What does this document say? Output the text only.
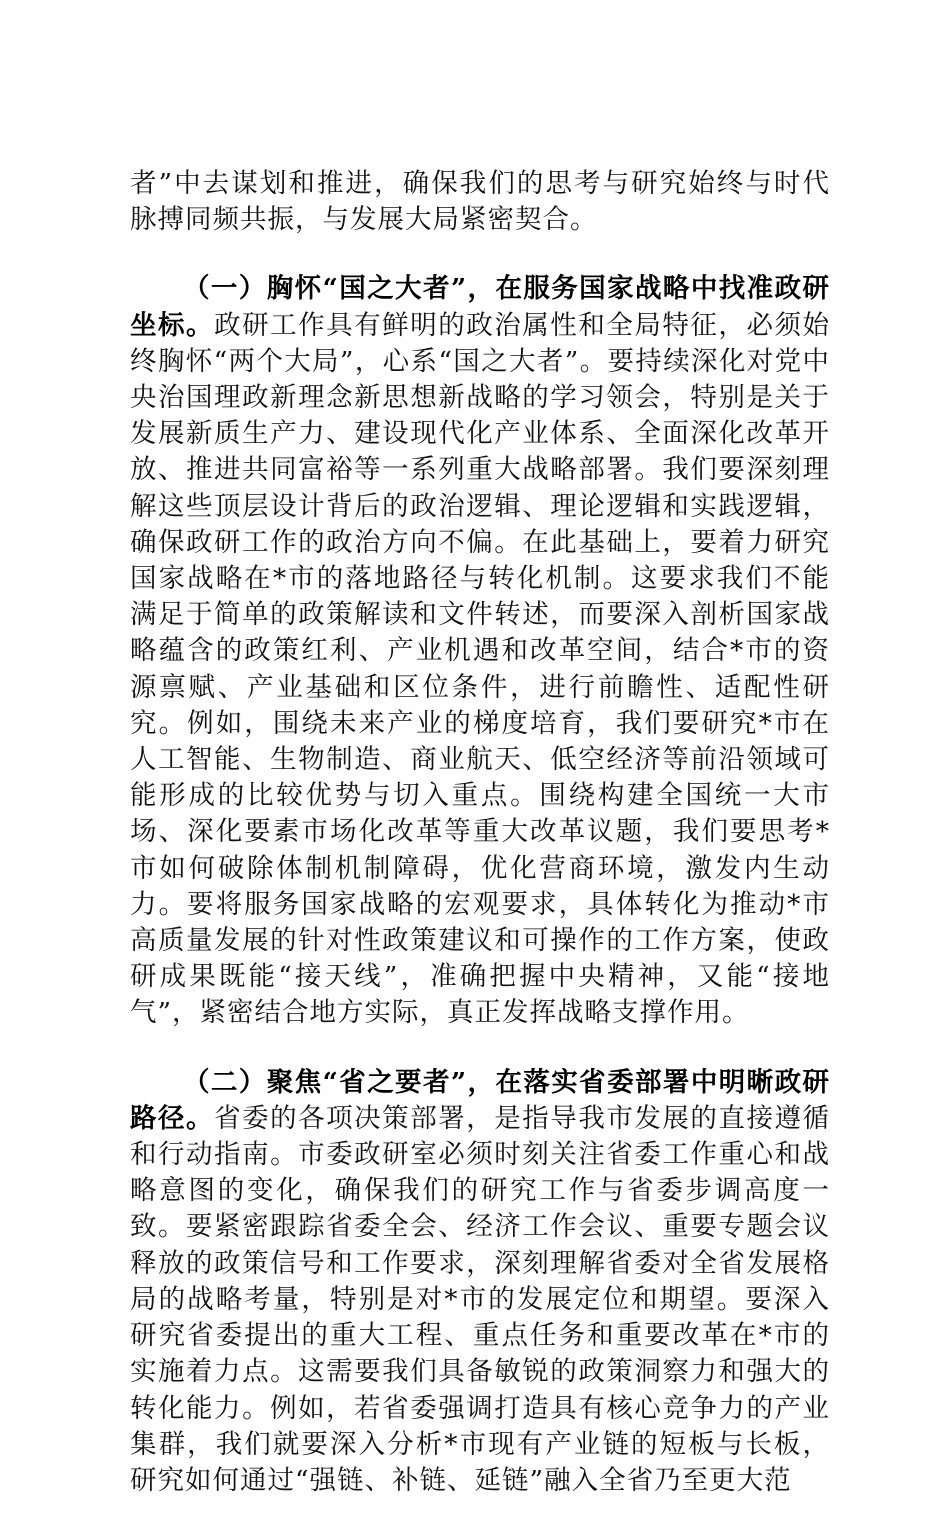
者”中去谋划和推进，确保我们的思考与研究始终与时代脉搏同频共振，与发展大局紧密契合。

（一）胸怀“国之大者”，在服务国家战略中找准政研坐标。政研工作具有鲜明的政治属性和全局特征，必须始终胸怀“两个大局”，心系“国之大者”。要持续深化对党中央治国理政新理念新思想新战略的学习领会，特别是关于发展新质生产力、建设现代化产业体系、全面深化改革开放、推进共同富裕等一系列重大战略部署。我们要深刻理解这些顶层设计背后的政治逻辑、理论逻辑和实践逻辑，确保政研工作的政治方向不偏。在此基础上，要着力研究国家战略在*市的落地路径与转化机制。这要求我们不能满足于简单的政策解读和文件转述，而要深入剖析国家战略蕴含的政策红利、产业机遇和改革空间，结合*市的资源禀赋、产业基础和区位条件，进行前瞻性、适配性研究。例如，围绕未来产业的梯度培育，我们要研究*市在人工智能、生物制造、商业航天、低空经济等前沿领域可能形成的比较优势与切入重点。围绕构建全国统一大市场、深化要素市场化改革等重大改革议题，我们要思考*市如何破除体制机制障碍，优化营商环境，激发内生动力。要将服务国家战略的宏观要求，具体转化为推动*市高质量发展的针对性政策建议和可操作的工作方案，使政研成果既能“接天线”，准确把握中央精神，又能“接地气”，紧密结合地方实际，真正发挥战略支撑作用。

（二）聚焦“省之要者”，在落实省委部署中明晰政研路径。省委的各项决策部署，是指导我市发展的直接遵循和行动指南。市委政研室必须时刻关注省委工作重心和战略意图的变化，确保我们的研究工作与省委步调高度一致。要紧密跟踪省委全会、经济工作会议、重要专题会议释放的政策信号和工作要求，深刻理解省委对全省发展格局的战略考量，特别是对*市的发展定位和期望。要深入研究省委提出的重大工程、重点任务和重要改革在*市的实施着力点。这需要我们具备敏锐的政策洞察力和强大的转化能力。例如，若省委强调打造具有核心竞争力的产业集群，我们就要深入分析*市现有产业链的短板与长板，研究如何通过“强链、补链、延链”融入全省乃至更大范
